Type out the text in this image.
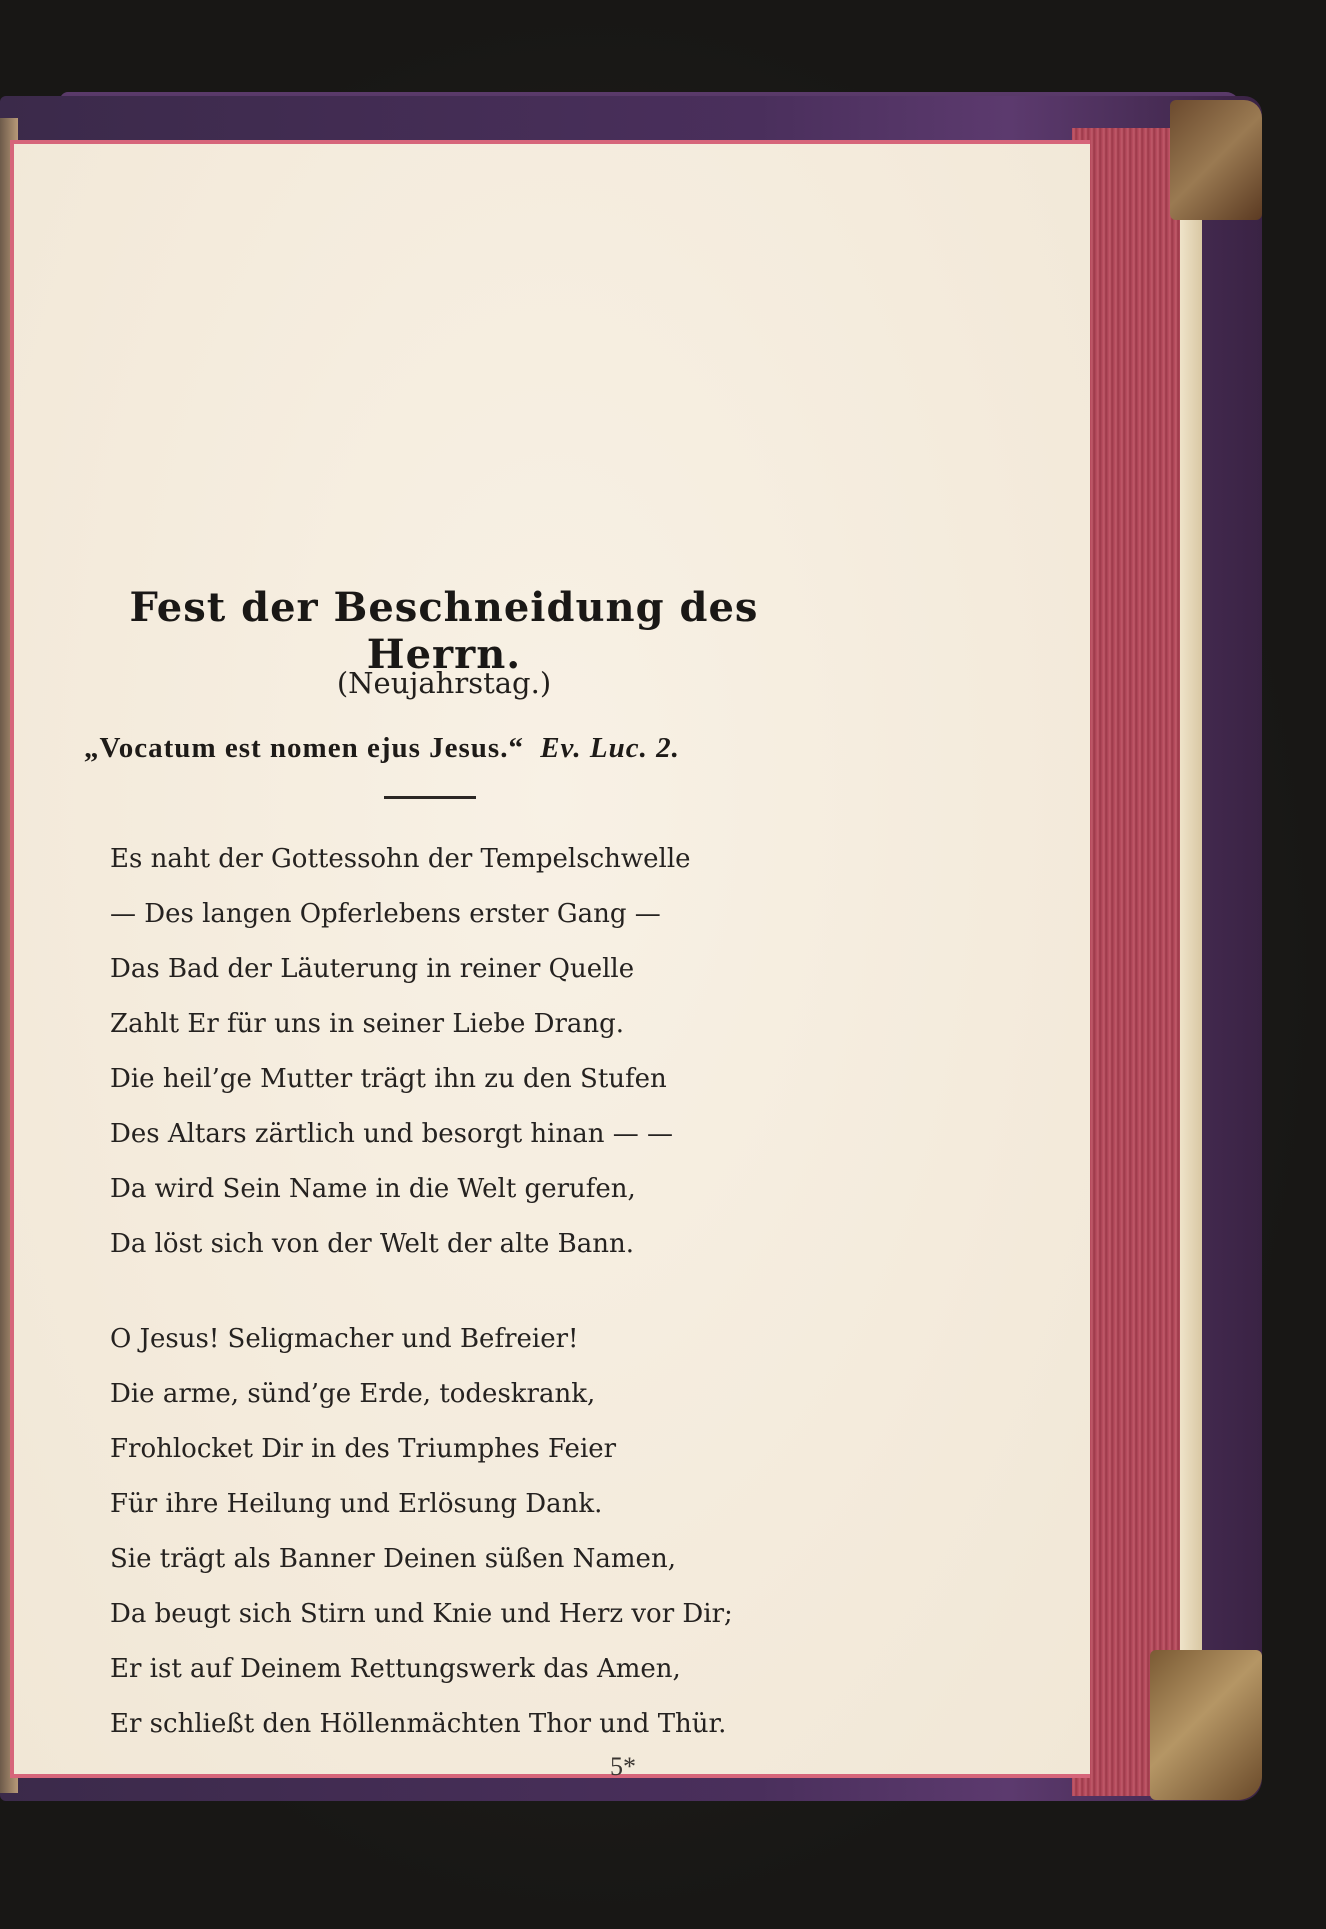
Fest der Beschneidung des Herrn.
(Neujahrstag.)
„Vocatum est nomen ejus Jesus.“ Ev. Luc. 2.
Es naht der Gottessohn der Tempelschwelle
— Des langen Opferlebens erster Gang —
Das Bad der Läuterung in reiner Quelle
Zahlt Er für uns in seiner Liebe Drang.
Die heil’ge Mutter trägt ihn zu den Stufen
Des Altars zärtlich und besorgt hinan — —
Da wird Sein Name in die Welt gerufen,
Da löst sich von der Welt der alte Bann.
O Jesus! Seligmacher und Befreier!
Die arme, sünd’ge Erde, todeskrank,
Frohlocket Dir in des Triumphes Feier
Für ihre Heilung und Erlösung Dank.
Sie trägt als Banner Deinen süßen Namen,
Da beugt sich Stirn und Knie und Herz vor Dir;
Er ist auf Deinem Rettungswerk das Amen,
Er schließt den Höllenmächten Thor und Thür.
5*
